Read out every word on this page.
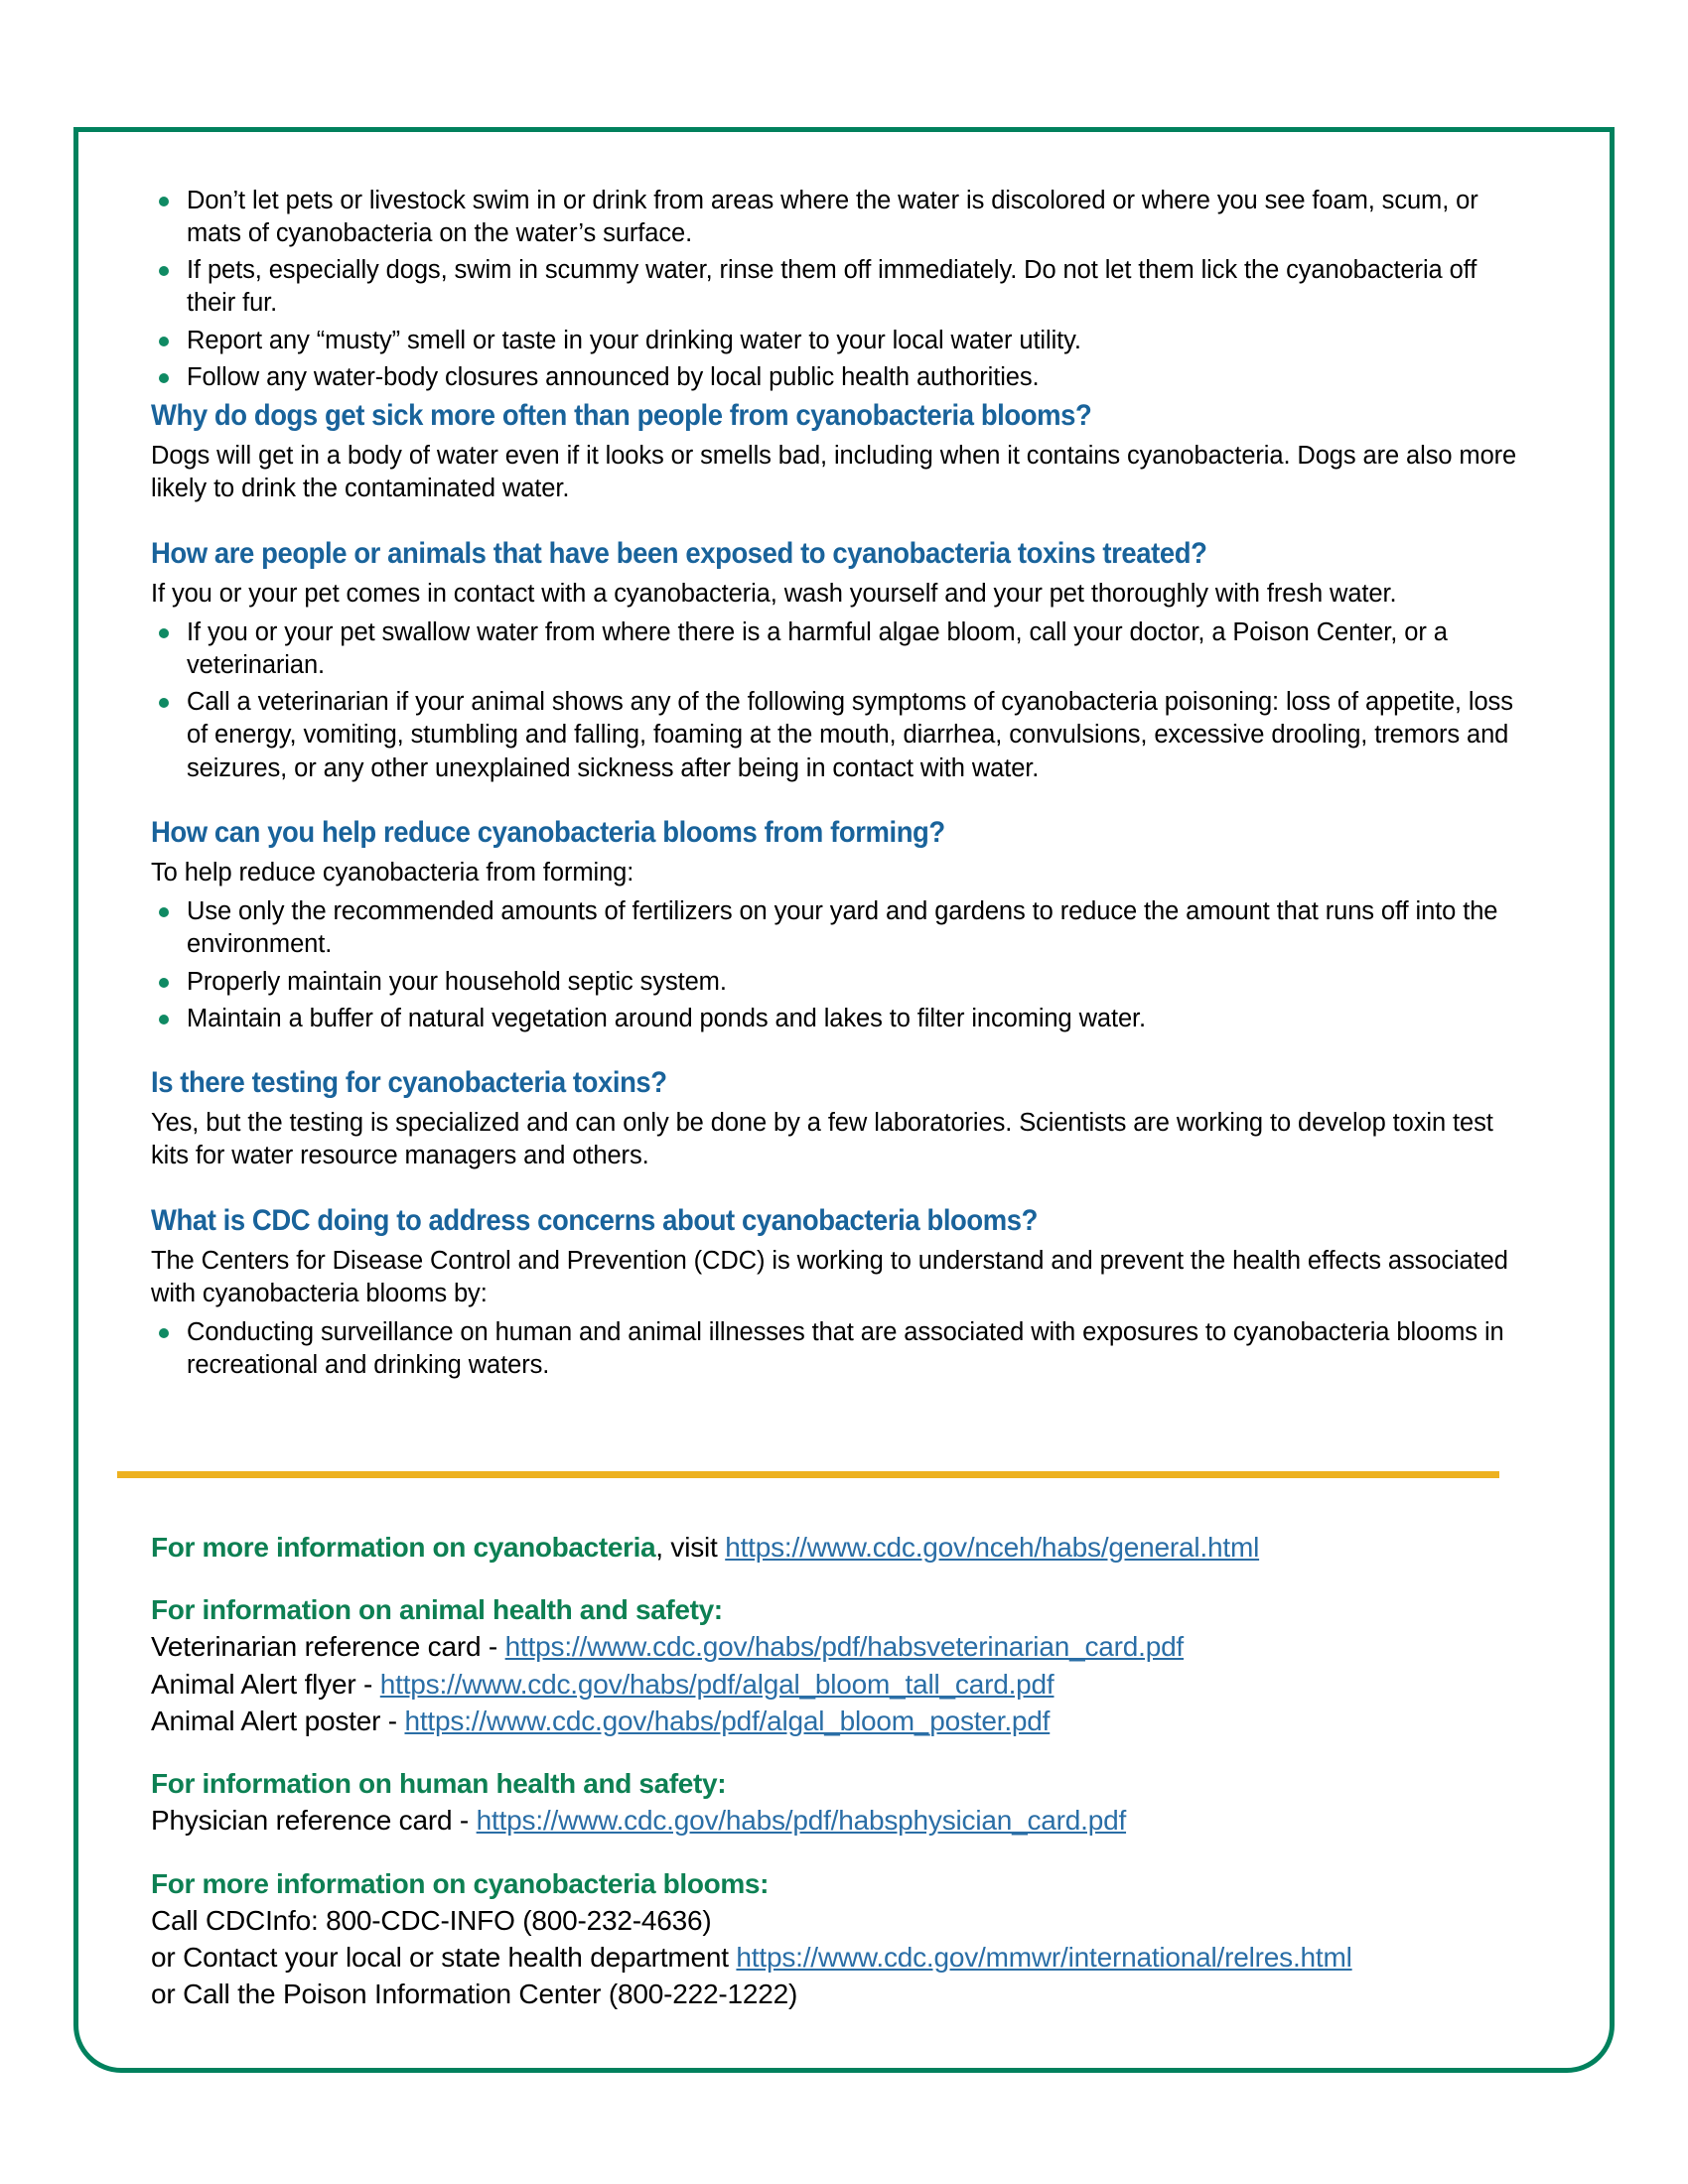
Don’t let pets or livestock swim in or drink from areas where the water is discolored or where you see foam, scum, or mats of cyanobacteria on the water’s surface.
If pets, especially dogs, swim in scummy water, rinse them off immediately. Do not let them lick the cyanobacteria off their fur.
Report any “musty” smell or taste in your drinking water to your local water utility.
Follow any water-body closures announced by local public health authorities.
Why do dogs get sick more often than people from cyanobacteria blooms?

Dogs will get in a body of water even if it looks or smells bad, including when it contains cyanobacteria. Dogs are also more likely to drink the contaminated water.

How are people or animals that have been exposed to cyanobacteria toxins treated?

If you or your pet comes in contact with a cyanobacteria, wash yourself and your pet thoroughly with fresh water.

If you or your pet swallow water from where there is a harmful algae bloom, call your doctor, a Poison Center, or a veterinarian.
Call a veterinarian if your animal shows any of the following symptoms of cyanobacteria poisoning: loss of appetite, loss of energy, vomiting, stumbling and falling, foaming at the mouth, diarrhea, convulsions, excessive drooling, tremors and seizures, or any other unexplained sickness after being in contact with water.
How can you help reduce cyanobacteria blooms from forming?

To help reduce cyanobacteria from forming:

Use only the recommended amounts of fertilizers on your yard and gardens to reduce the amount that runs off into the environment.
Properly maintain your household septic system.
Maintain a buffer of natural vegetation around ponds and lakes to filter incoming water.
Is there testing for cyanobacteria toxins?

Yes, but the testing is specialized and can only be done by a few laboratories. Scientists are working to develop toxin test kits for water resource managers and others.

What is CDC doing to address concerns about cyanobacteria blooms?

The Centers for Disease Control and Prevention (CDC) is working to understand and prevent the health effects associated with cyanobacteria blooms by:

Conducting surveillance on human and animal illnesses that are associated with exposures to cyanobacteria blooms in recreational and drinking waters.
For more information on cyanobacteria, visit https://www.cdc.gov/nceh/habs/general.html
For information on animal health and safety:
Veterinarian reference card - https://www.cdc.gov/habs/pdf/habsveterinarian_card.pdf
Animal Alert flyer - https://www.cdc.gov/habs/pdf/algal_bloom_tall_card.pdf
Animal Alert poster - https://www.cdc.gov/habs/pdf/algal_bloom_poster.pdf
For information on human health and safety:
Physician reference card - https://www.cdc.gov/habs/pdf/habsphysician_card.pdf
For more information on cyanobacteria blooms:
Call CDCInfo: 800-CDC-INFO (800-232-4636)
or Contact your local or state health department https://www.cdc.gov/mmwr/international/relres.html
or Call the Poison Information Center (800-222-1222)
